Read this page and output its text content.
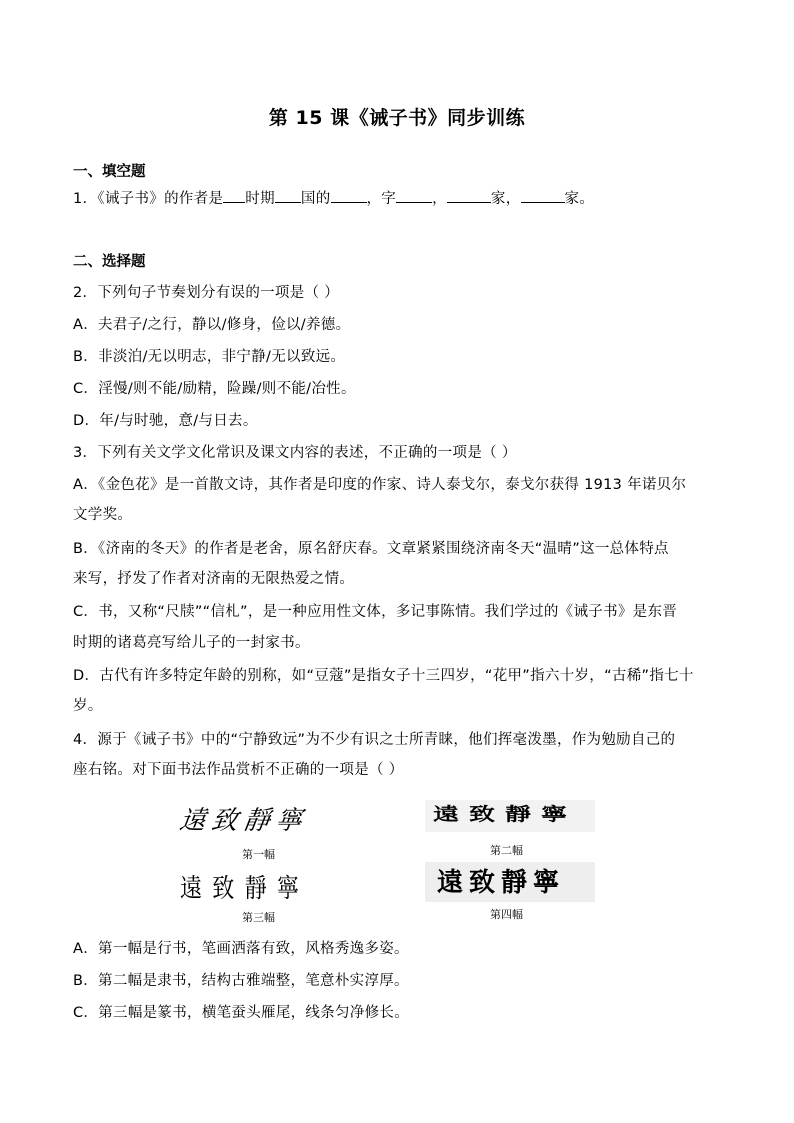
第 15 课《诫子书》同步训练
一、填空题
1．《诫子书》的作者是 时期 国的 ，字 ，	家，	家。
二、选择题
2．下列句子节奏划分有误的一项是（ ）
A．夫君子/之行，静以/修身，俭以/养德。
B．非淡泊/无以明志，非宁静/无以致远。
C．淫慢/则不能/励精，险躁/则不能/冶性。
D．年/与时驰，意/与日去。
3．下列有关文学文化常识及课文内容的表述，不正确的一项是（ ）
A．《金色花》是一首散文诗，其作者是印度的作家、诗人泰戈尔，泰戈尔获得 1913 年诺贝尔
文学奖。
B．《济南的冬天》的作者是老舍，原名舒庆春。文章紧紧围绕济南冬天“温晴”这一总体特点
来写，抒发了作者对济南的无限热爱之情。
C．书，又称“尺牍”“信札”，是一种应用性文体，多记事陈情。我们学过的《诫子书》是东晋
时期的诸葛亮写给儿子的一封家书。
D．古代有许多特定年龄的别称，如“豆蔻”是指女子十三四岁，“花甲”指六十岁，“古稀”指七十
岁。
4．源于《诫子书》中的“宁静致远”为不少有识之士所青睐，他们挥毫泼墨，作为勉励自己的
座右铭。对下面书法作品赏析不正确的一项是（ ）
遠致靜寧
第一幅
遠致靜寧
第二幅
遠致靜寧
第三幅
遠致靜寧
第四幅
A．第一幅是行书，笔画洒落有致，风格秀逸多姿。
B．第二幅是隶书，结构古雅端整，笔意朴实淳厚。
C．第三幅是篆书，横笔蚕头雁尾，线条匀净修长。
